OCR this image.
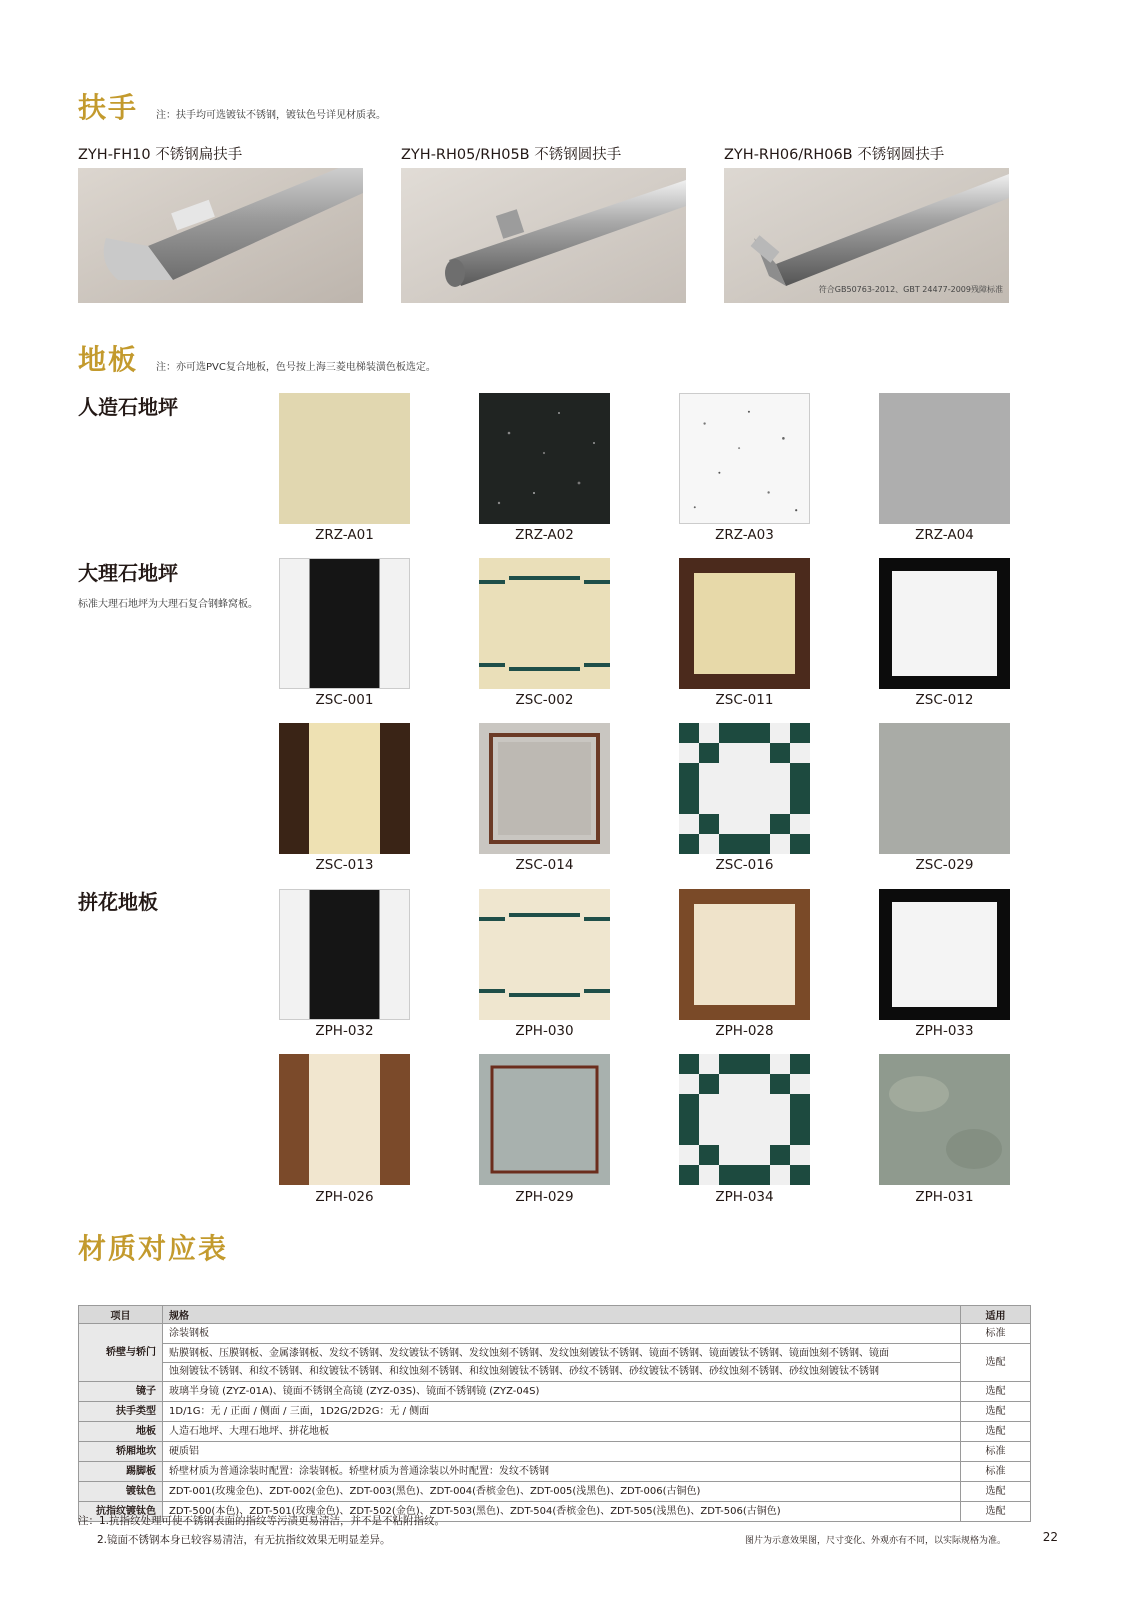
扶手 注：扶手均可选镀钛不锈钢，镀钛色号详见材质表。
ZYH-FH10 不锈钢扁扶手	ZYH-RH05/RH05B 不锈钢圆扶手	ZYH-RH06/RH06B 不锈钢圆扶手
符合GB50763-2012、GBT 24477-2009残障标准
地板 注：亦可选PVC复合地板，色号按上海三菱电梯装潢色板选定。
人造石地坪
大理石地坪
标准大理石地坪为大理石复合钢蜂窝板。
拼花地板
ZRZ-A01	ZRZ-A02	ZRZ-A03	ZRZ-A04
ZSC-001	ZSC-002	ZSC-011	ZSC-012
ZSC-013	ZSC-014	ZSC-016	ZSC-029
ZPH-032	ZPH-030	ZPH-028	ZPH-033
ZPH-026	ZPH-029	ZPH-034	ZPH-031
材质对应表
项目	规格	适用
轿壁与轿门	涂装钢板	标准

	贴膜钢板、压膜钢板、金属漆钢板、发纹不锈钢、发纹镀钛不锈钢、发纹蚀刻不锈钢、发纹蚀刻镀钛不锈钢、镜面不锈钢、镜面镀钛不锈钢、镜面蚀刻不锈钢、镜面
蚀刻镀钛不锈钢、和纹不锈钢、和纹镀钛不锈钢、和纹蚀刻不锈钢、和纹蚀刻镀钛不锈钢、砂纹不锈钢、砂纹镀钛不锈钢、砂纹蚀刻不锈钢、砂纹蚀刻镀钛不锈钢	选配
镜子	玻璃半身镜 (ZYZ-01A)、镜面不锈钢全高镜 (ZYZ-03S)、镜面不锈钢镜 (ZYZ-04S)	选配
扶手类型	1D/1G：无 / 正面 / 侧面 / 三面，1D2G/2D2G：无 / 侧面	选配
地板	人造石地坪、大理石地坪、拼花地板	选配
轿厢地坎	硬质铝	标准
踢脚板	轿壁材质为普通涂装时配置：涂装钢板。轿壁材质为普通涂装以外时配置：发纹不锈钢	标准
镀钛色	ZDT-001(玫瑰金色)、ZDT-002(金色)、ZDT-003(黑色)、ZDT-004(香槟金色)、ZDT-005(浅黑色)、ZDT-006(古铜色)	选配
抗指纹镀钛色	ZDT-500(本色)、ZDT-501(玫瑰金色)、ZDT-502(金色)、ZDT-503(黑色)、ZDT-504(香槟金色)、ZDT-505(浅黑色)、ZDT-506(古铜色)	选配
注：1.抗指纹处理可使不锈钢表面的指纹等污渍更易清洁，并不是不粘附指纹。
2.镜面不锈钢本身已较容易清洁，有无抗指纹效果无明显差异。	图片为示意效果图，尺寸变化、外观亦有不同，以实际规格为准。	22
